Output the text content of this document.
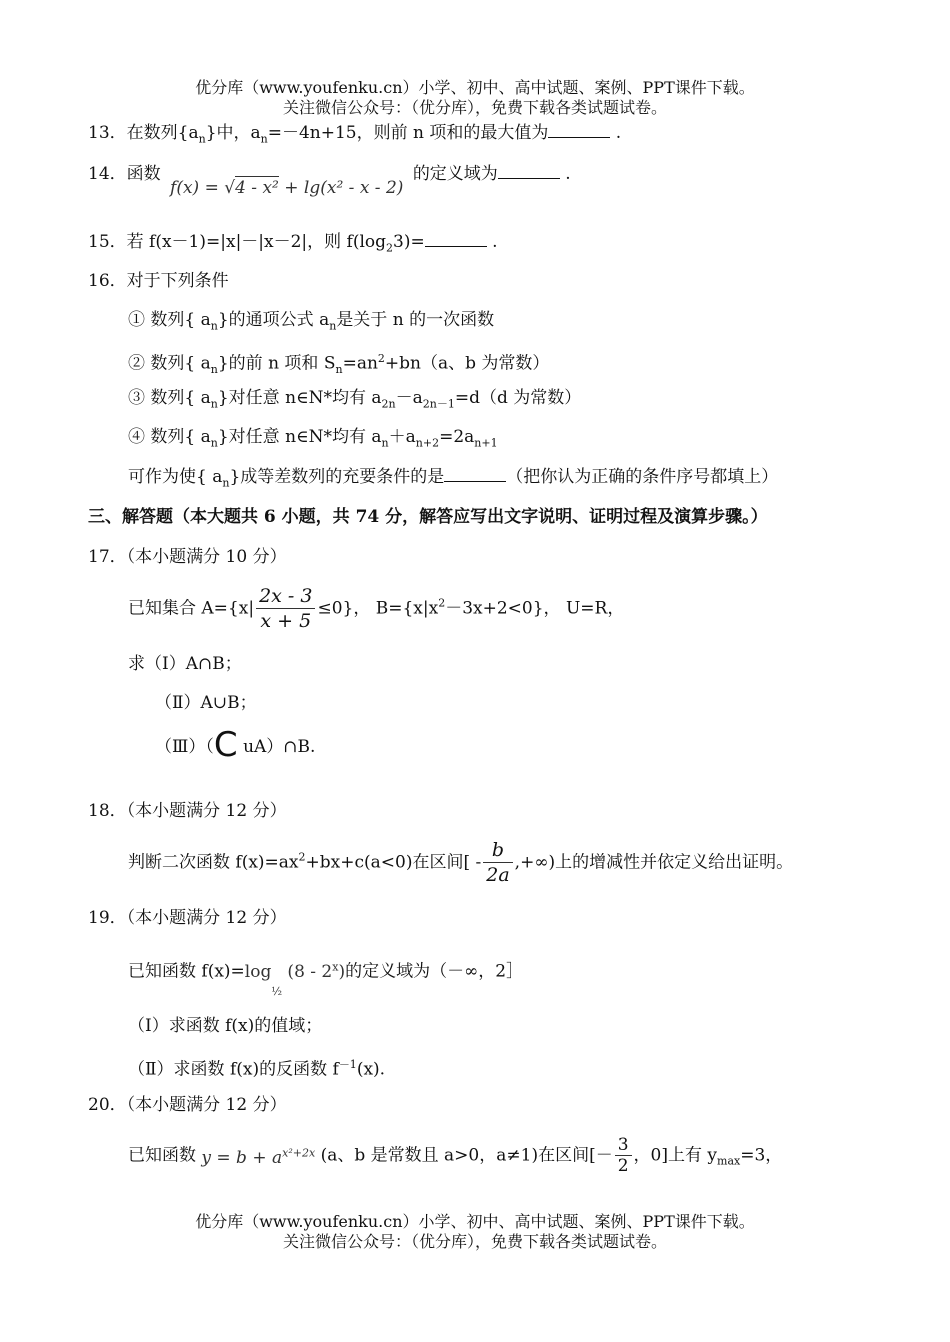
优分库（www.youfenku.cn）小学、初中、高中试题、案例、PPT课件下载。
关注微信公众号：（优分库），免费下载各类试题试卷。
13．在数列$\{a_n\}$中，$a_n=-4n+15$，则前 n 项和的最大值为	.
14．函数 f(x) = √4 - x² + lg(x² - x - 2) 的定义域为	.
15．若 f(x－1)=|x|－|x－2|，则 $f(\log_23)=$	.
16．对于下列条件
① 数列{ $a_n$}的通项公式 $a_n$是关于 n 的一次函数
② 数列{ $a_n$}的前 n 项和 $S_n=an^2+bn(a$、b 为常数）
③ 数列{ $a_n$}对任意 n∈N*均有 $a_{2n}-a_{2n-1}=d(d$ 为常数）
④ 数列{ $a_n$}对任意 n∈N*均有 $a_n+a_{n+2}=2a_{n+1}$
可作为使{ $a_n$}成等差数列的充要条件的是	（把你认为正确的条件序号都填上）
三、解答题（本大题共 6 小题，共 74 分，解答应写出文字说明、证明过程及演算步骤。）
17．（本小题满分 10 分）
已知集合 $A=\{x| \frac{2x - 3}{x + 5} \le 0\}$， $B=\{x|x^2-3x+2<0\}$， U=R，
求（Ⅰ）A∩B；
（Ⅱ）A∪B；
（Ⅲ）（C uA）∩B.
18．（本小题满分 12 分）
判断二次函数 $f(x)=ax^2+bx+c(a<0)$在区间[ - $\frac{b}{2a}$ ,+∞)上的增减性并依定义给出证明。
19．（本小题满分 12 分）
已知函数 $f(x)=\log_{\frac{1}{2}}$ (8 - 2$^x$)的定义域为（－∞，2］
（I）求函数 f(x)的值域；
（Ⅱ）求函数 f(x)的反函数 $f^{-1}(x)$.
20．（本小题满分 12 分）
已知函数 $y = b + a^{x^2+2x}$ (a、b 是常数且 a>0，a≠1)在区间[－ $\frac{3}{2}$ ，0]上有 $y_{max}=3$，
优分库（www.youfenku.cn）小学、初中、高中试题、案例、PPT课件下载。
关注微信公众号：（优分库），免费下载各类试题试卷。
